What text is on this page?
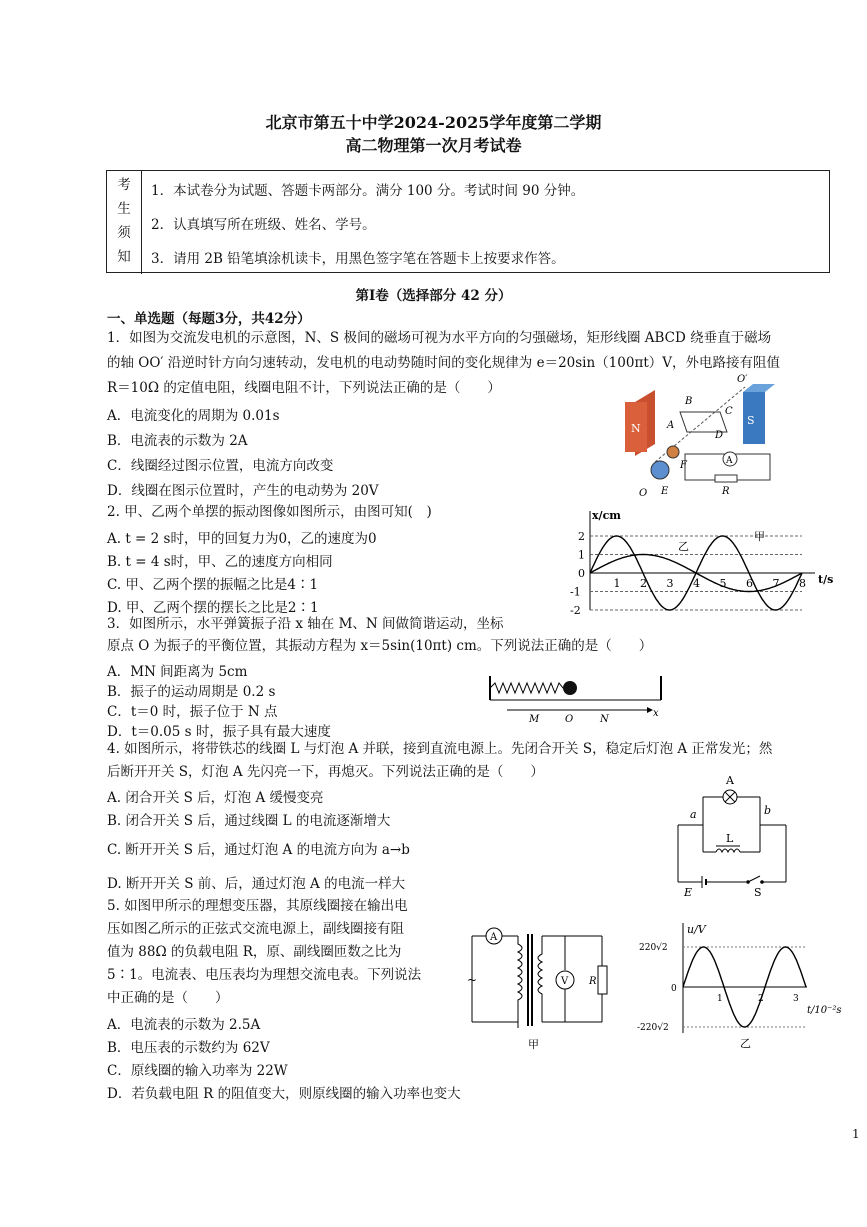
北京市第五十中学2024-2025学年度第二学期
高二物理第一次月考试卷
考
生
须
知
1．本试卷分为试题、答题卡两部分。满分 100 分。考试时间 90 分钟。
2．认真填写所在班级、姓名、学号。
3．请用 2B 铅笔填涂机读卡，用黑色签字笔在答题卡上按要求作答。
第Ⅰ卷（选择部分 42 分）
一、单选题（每题3分，共42分）
1．如图为交流发电机的示意图，N、S 极间的磁场可视为水平方向的匀强磁场，矩形线圈 ABCD 绕垂直于磁场
的轴 OO′ 沿逆时针方向匀速转动，发电机的电动势随时间的变化规律为 e＝20sin（100πt）V，外电路接有阻值
R＝10Ω 的定值电阻，线圈电阻不计，下列说法正确的是（　　）
A．电流变化的周期为 0.01s
B．电流表的示数为 2A
C．线圈经过图示位置，电流方向改变
D．线圈在图示位置时，产生的电动势为 20V
N
S
B
A
C
D
O′
A
R
F
E
O
2. 甲、乙两个单摆的振动图像如图所示，由图可知(　)
A. t = 2 s时，甲的回复力为0，乙的速度为0
B. t = 4 s时，甲、乙的速度方向相同
C. 甲、乙两个摆的振幅之比是4∶1
D. 甲、乙两个摆的摆长之比是2∶1
x/cm
t/s
1 2 3 4 5 6 7 8
2
1
0
-1
-2
甲
乙
3．如图所示，水平弹簧振子沿 x 轴在 M、N 间做简谐运动，坐标
原点 O 为振子的平衡位置，其振动方程为 x＝5sin(10πt) cm。下列说法正确的是（　　）
A．MN 间距离为 5cm
B．振子的运动周期是 0.2 s
C．t＝0 时，振子位于 N 点
D．t＝0.05 s 时，振子具有最大速度
M	O	N
x
4. 如图所示，将带铁芯的线圈 L 与灯泡 A 并联，接到直流电源上。先闭合开关 S，稳定后灯泡 A 正常发光；然
后断开开关 S，灯泡 A 先闪亮一下，再熄灭。下列说法正确的是（　　）
A. 闭合开关 S 后，灯泡 A 缓慢变亮
B. 闭合开关 S 后，通过线圈 L 的电流逐渐增大
C. 断开开关 S 后，通过灯泡 A 的电流方向为 a→b
D. 断开开关 S 前、后，通过灯泡 A 的电流一样大
A
L
a	b
E	S
5. 如图甲所示的理想变压器，其原线圈接在输出电
压如图乙所示的正弦式交流电源上，副线圈接有阻
值为 88Ω 的负载电阻 R，原、副线圈匝数之比为
5∶1。电流表、电压表均为理想交流电表。下列说法
中正确的是（　　）
A．电流表的示数为 2.5A
B．电压表的示数约为 62V
C．原线圈的输入功率为 22W
D．若负载电阻 R 的阻值变大，则原线圈的输入功率也变大
A
~	V R
甲
u/V
t/10⁻²s
220√2
0
-220√2
1	2	3
乙
1
